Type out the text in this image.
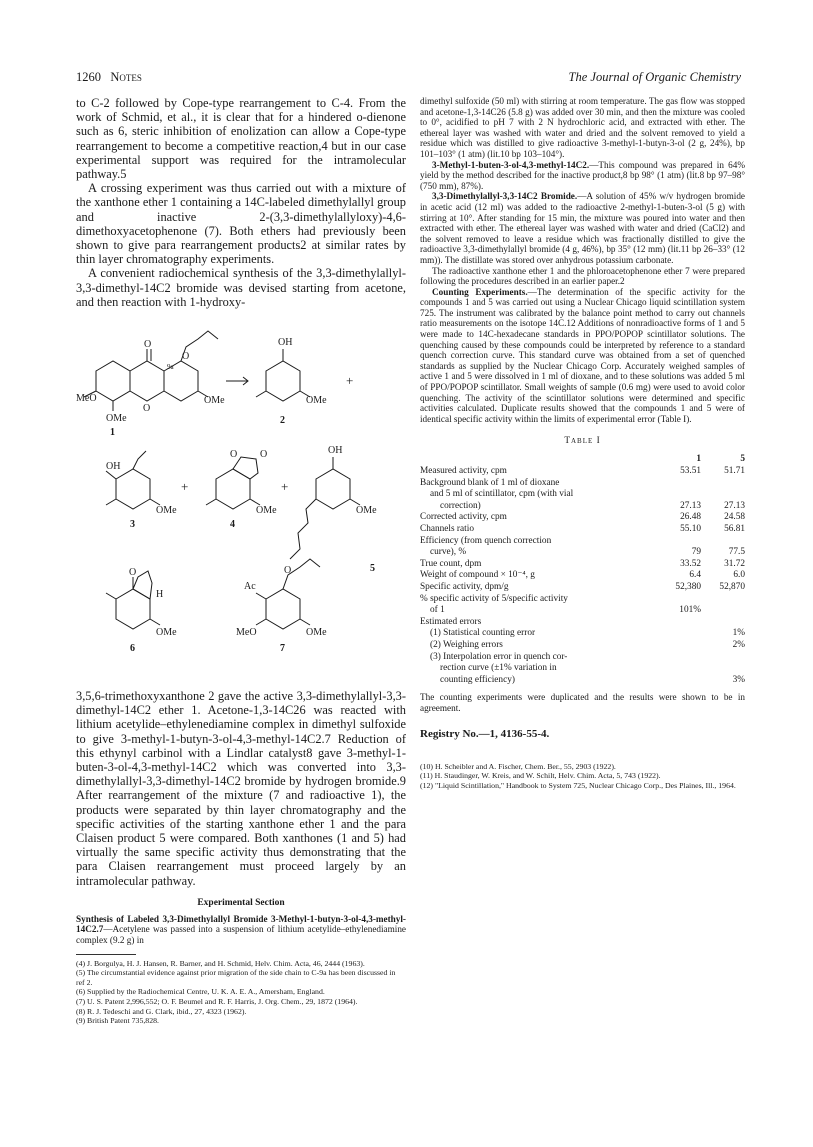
1260 Notes	The Journal of Organic Chemistry

to C-2 followed by Cope-type rearrangement to C-4. From the work of Schmid, et al., it is clear that for a hindered o-dienone such as 6, steric inhibition of enolization can allow a Cope-type rearrangement to become a competitive reaction,4 but in our case experimental support was required for the intramolecular pathway.5

A crossing experiment was thus carried out with a mixture of the xanthone ether 1 containing a 14C-labeled dimethylallyl group and inactive 2-(3,3-dimethylallyloxy)-4,6-dimethoxyacetophenone (7). Both ethers had previously been shown to give para rearrangement products2 at similar rates by thin layer chromatography experiments.

A convenient radiochemical synthesis of the 3,3-dimethylallyl-3,3-dimethyl-14C2 bromide was devised starting from acetone, and then reaction with 1-hydroxy-

MeO	OMe
OMe
OH
OMe
OH
OMe	OMe
OH
OMe
H
OMe
Ac
MeO	OMe
O
O
O
O O
O	O
9a
+
+	+
1
2
3	4
5
6	7

3,5,6-trimethoxyxanthone 2 gave the active 3,3-dimethylallyl-3,3-dimethyl-14C2 ether 1. Acetone-1,3-14C26 was reacted with lithium acetylide–ethylenediamine complex in dimethyl sulfoxide to give 3-methyl-1-butyn-3-ol-4,3-methyl-14C2.7 Reduction of this ethynyl carbinol with a Lindlar catalyst8 gave 3-methyl-1-buten-3-ol-4,3-methyl-14C2 which was converted into 3,3-dimethylallyl-3,3-dimethyl-14C2 bromide by hydrogen bromide.9 After rearrangement of the mixture (7 and radioactive 1), the products were separated by thin layer chromatography and the specific activities of the starting xanthone ether 1 and the para Claisen product 5 were compared. Both xanthones (1 and 5) had virtually the same specific activity thus demonstrating that the para Claisen rearrangement must proceed largely by an intramolecular pathway.

Experimental Section

Synthesis of Labeled 3,3-Dimethylallyl Bromide 3-Methyl-1-butyn-3-ol-4,3-methyl-14C2.7—Acetylene was passed into a suspension of lithium acetylide–ethylenediamine complex (9.2 g) in

(4) J. Borgulya, H. J. Hansen, R. Barner, and H. Schmid, Helv. Chim. Acta, 46, 2444 (1963).

(5) The circumstantial evidence against prior migration of the side chain to C-9a has been discussed in ref 2.

(6) Supplied by the Radiochemical Centre, U. K. A. E. A., Amersham, England.

(7) U. S. Patent 2,996,552; O. F. Beumel and R. F. Harris, J. Org. Chem., 29, 1872 (1964).

(8) R. J. Tedeschi and G. Clark, ibid., 27, 4323 (1962).

(9) British Patent 735,828.

dimethyl sulfoxide (50 ml) with stirring at room temperature. The gas flow was stopped and acetone-1,3-14C26 (5.8 g) was added over 30 min, and then the mixture was cooled to 0°, acidified to pH 7 with 2 N hydrochloric acid, and extracted with ether. The ethereal layer was washed with water and dried and the solvent removed to yield a residue which was distilled to give radioactive 3-methyl-1-butyn-3-ol (2 g, 24%), bp 101–103° (1 atm) (lit.10 bp 103–104°).

3-Methyl-1-buten-3-ol-4,3-methyl-14C2.—This compound was prepared in 64% yield by the method described for the inactive product,8 bp 98° (1 atm) (lit.8 bp 97–98° (750 mm), 87%).

3,3-Dimethylallyl-3,3-14C2 Bromide.—A solution of 45% w/v hydrogen bromide in acetic acid (12 ml) was added to the radioactive 2-methyl-1-buten-3-ol (5 g) with stirring at 10°. After standing for 15 min, the mixture was poured into water and then extracted with ether. The ethereal layer was washed with water and dried (CaCl2) and the solvent removed to leave a residue which was fractionally distilled to give the radioactive 3,3-dimethylallyl bromide (4 g, 46%), bp 35° (12 mm) (lit.11 bp 26–33° (12 mm)). The distillate was stored over anhydrous potassium carbonate.

The radioactive xanthone ether 1 and the phloroacetophenone ether 7 were prepared following the procedures described in an earlier paper.2

Counting Experiments.—The determination of the specific activity for the compounds 1 and 5 was carried out using a Nuclear Chicago liquid scintillation system 725. The instrument was calibrated by the balance point method to carry out channels ratio measurements on the isotope 14C.12 Additions of nonradioactive forms of 1 and 5 were made to 14C-hexadecane standards in PPO/POPOP scintillator solutions. The quenching caused by these compounds could be interpreted by reference to a standard quench correction curve. This standard curve was obtained from a set of quenched standards as supplied by the Nuclear Chicago Corp. Accurately weighed samples of active 1 and 5 were dissolved in 1 ml of dioxane, and to these solutions was added 5 ml of PPO/POPOP scintillator. Small weights of sample (0.6 mg) were used to avoid color quenching. The activity of the scintillator solutions were determined and specific activities calculated. Duplicate results showed that the compounds 1 and 5 were of identical specific activity within the limits of experimental error (Table I).

Table I
	1	5
Measured activity, cpm	53.51	51.71
Background blank of 1 ml of dioxane		
and 5 ml of scintillator, cpm (with vial		
correction)	27.13	27.13
Corrected activity, cpm	26.48	24.58
Channels ratio	55.10	56.81
Efficiency (from quench correction		
curve), %	79	77.5
True count, dpm	33.52	31.72
Weight of compound × 10⁻⁴, g	6.4	6.0
Specific activity, dpm/g	52,380	52,870
% specific activity of 5/specific activity		
of 1	101%	
Estimated errors		
(1) Statistical counting error		1%
(2) Weighing errors		2%
(3) Interpolation error in quench cor-		
rection curve (±1% variation in		
counting efficiency)		3%

The counting experiments were duplicated and the results were shown to be in agreement.

Registry No.—1, 4136-55-4.

(10) H. Scheibler and A. Fischer, Chem. Ber., 55, 2903 (1922).

(11) H. Staudinger, W. Kreis, and W. Schilt, Helv. Chim. Acta, 5, 743 (1922).

(12) "Liquid Scintillation," Handbook to System 725, Nuclear Chicago Corp., Des Plaines, Ill., 1964.
